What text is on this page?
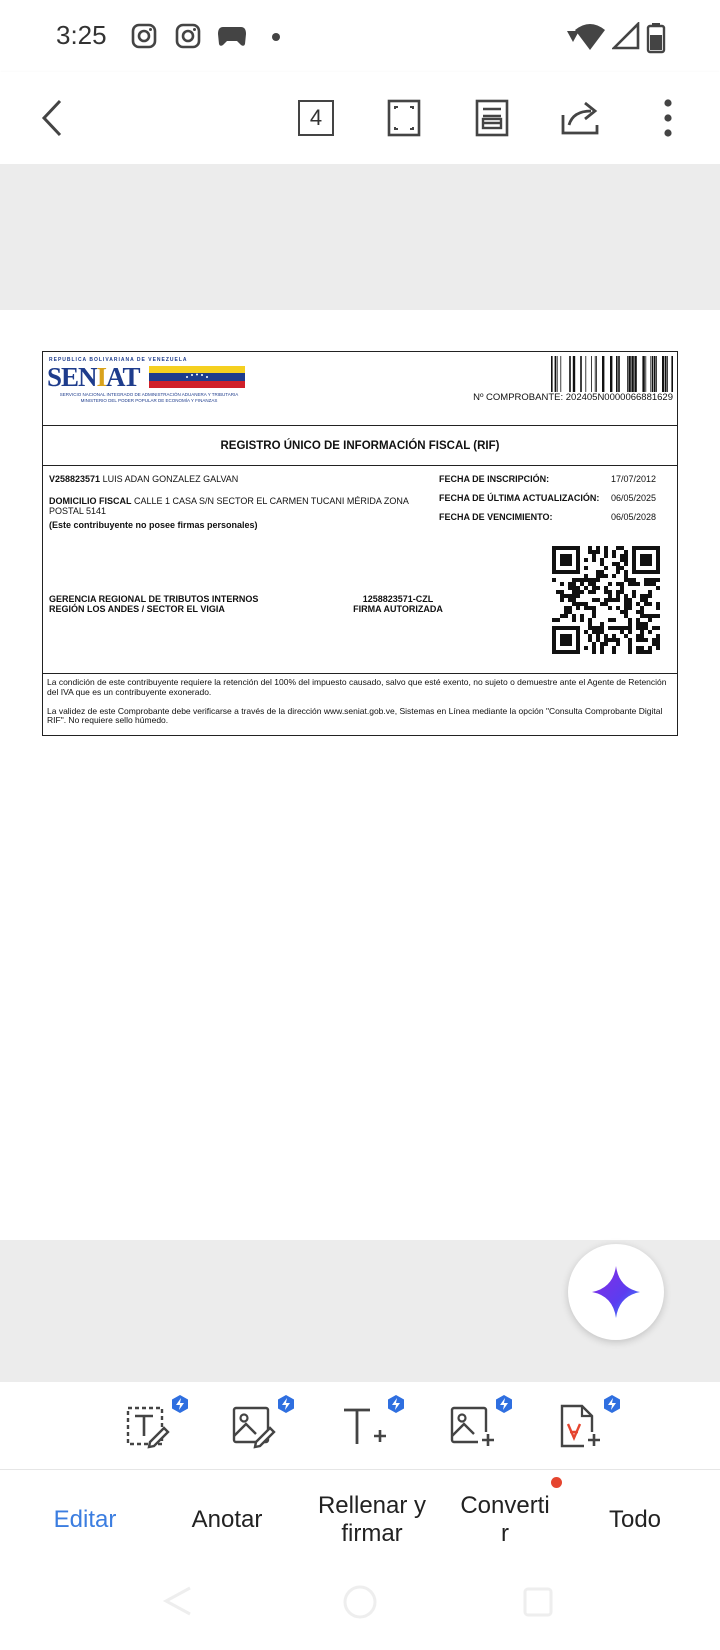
3:25
4
REPUBLICA BOLIVARIANA DE VENEZUELA
SENIAT
SERVICIO NACIONAL INTEGRADO DE ADMINISTRACIÓN ADUANERA Y TRIBUTARIA
MINISTERIO DEL PODER POPULAR DE ECONOMÍA Y FINANZAS	Nº COMPROBANTE: 202405N0000066881629
REGISTRO ÚNICO DE INFORMACIÓN FISCAL (RIF)
V258823571 LUIS ADAN GONZALEZ GALVAN
DOMICILIO FISCAL CALLE 1 CASA S/N SECTOR EL CARMEN TUCANI MÉRIDA ZONA POSTAL 5141
(Este contribuyente no posee firmas personales)
FECHA DE INSCRIPCIÓN:	17/07/2012
FECHA DE ÚLTIMA ACTUALIZACIÓN: 06/05/2025
FECHA DE VENCIMIENTO:	06/05/2028
GERENCIA REGIONAL DE TRIBUTOS INTERNOS
REGIÓN LOS ANDES / SECTOR EL VIGIA
1258823571-CZL
FIRMA AUTORIZADA

La condición de este contribuyente requiere la retención del 100% del impuesto causado, salvo que esté exento, no sujeto o demuestre ante el Agente de Retención del IVA que es un contribuyente exonerado.

La validez de este Comprobante debe verificarse a través de la dirección www.seniat.gob.ve, Sistemas en Línea mediante la opción "Consulta Comprobante Digital RIF". No requiere sello húmedo.

Editar	Anotar
Rellenar y firmar
Converti r
Todo
